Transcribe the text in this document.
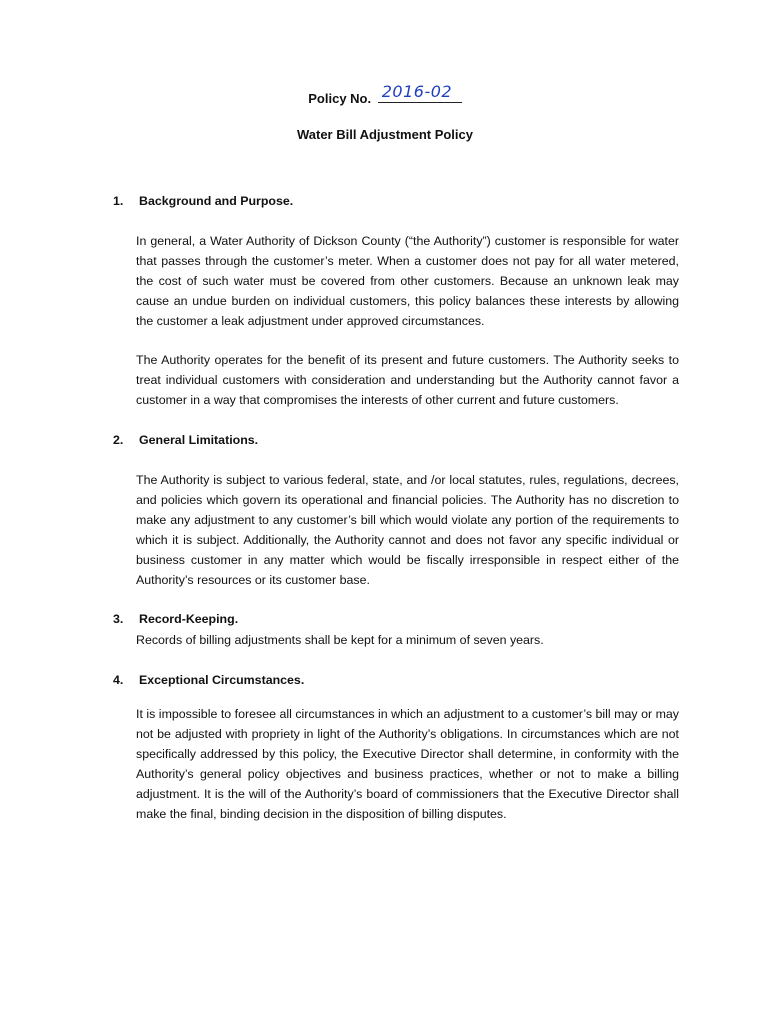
Policy No. 2016-02
Water Bill Adjustment Policy
1. Background and Purpose.
In general, a Water Authority of Dickson County (“the Authority”) customer is responsible for water that passes through the customer’s meter. When a customer does not pay for all water metered, the cost of such water must be covered from other customers. Because an unknown leak may cause an undue burden on individual customers, this policy balances these interests by allowing the customer a leak adjustment under approved circumstances.
The Authority operates for the benefit of its present and future customers. The Authority seeks to treat individual customers with consideration and understanding but the Authority cannot favor a customer in a way that compromises the interests of other current and future customers.
2. General Limitations.
The Authority is subject to various federal, state, and /or local statutes, rules, regulations, decrees, and policies which govern its operational and financial policies. The Authority has no discretion to make any adjustment to any customer’s bill which would violate any portion of the requirements to which it is subject. Additionally, the Authority cannot and does not favor any specific individual or business customer in any matter which would be fiscally irresponsible in respect either of the Authority’s resources or its customer base.
3. Record-Keeping.
Records of billing adjustments shall be kept for a minimum of seven years.
4. Exceptional Circumstances.
It is impossible to foresee all circumstances in which an adjustment to a customer’s bill may or may not be adjusted with propriety in light of the Authority’s obligations. In circumstances which are not specifically addressed by this policy, the Executive Director shall determine, in conformity with the Authority’s general policy objectives and business practices, whether or not to make a billing adjustment. It is the will of the Authority’s board of commissioners that the Executive Director shall make the final, binding decision in the disposition of billing disputes.
